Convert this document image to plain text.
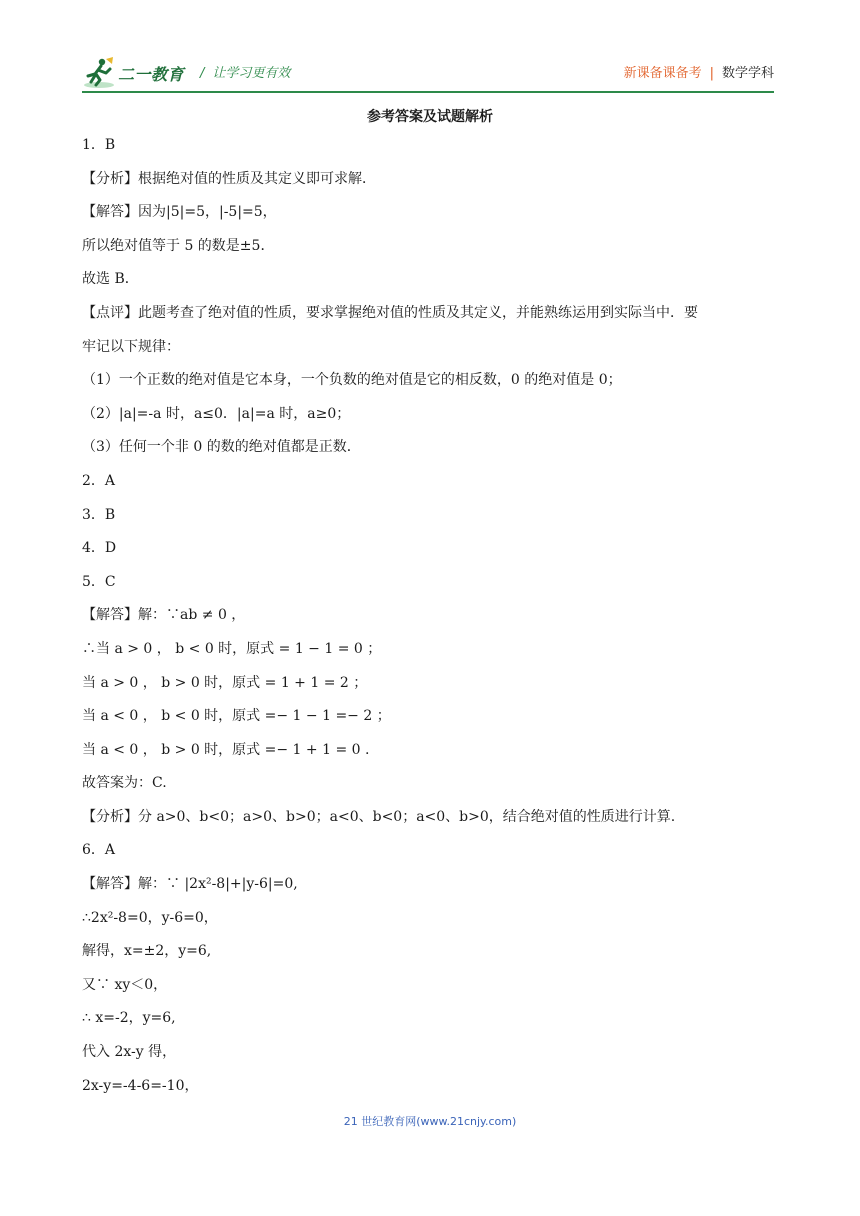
二一教育 / 让学习更有效	新课备课备考 | 数学学科
参考答案及试题解析
1．B
【分析】根据绝对值的性质及其定义即可求解．
【解答】因为|5|=5，|-5|=5，
所以绝对值等于 5 的数是±5．
故选 B．
【点评】此题考查了绝对值的性质，要求掌握绝对值的性质及其定义，并能熟练运用到实际当中．要
牢记以下规律：
（1）一个正数的绝对值是它本身，一个负数的绝对值是它的相反数，0 的绝对值是 0；
（2）|a|=-a 时，a≤0．|a|=a 时，a≥0；
（3）任何一个非 0 的数的绝对值都是正数．
2．A
3．B
4．D
5．C
【解答】解：∵ab ≠ 0 ，
∴当 a > 0 ， b < 0 时，原式 = 1 − 1 = 0 ；
当 a > 0 ， b > 0 时，原式 = 1 + 1 = 2 ；
当 a < 0 ， b < 0 时，原式 =− 1 − 1 =− 2 ；
当 a < 0 ， b > 0 时，原式 =− 1 + 1 = 0 .
故答案为：C.
【分析】分 a>0、b<0；a>0、b>0；a<0、b<0；a<0、b>0，结合绝对值的性质进行计算.
6．A
【解答】解：∵ |2x²-8|+|y-6|=0,
∴2x²-8=0，y-6=0，
解得，x=±2，y=6,
又∵ xy＜0，
∴ x=-2，y=6,
代入 2x-y 得，
2x-y=-4-6=-10，
21 世纪教育网(www.21cnjy.com)
